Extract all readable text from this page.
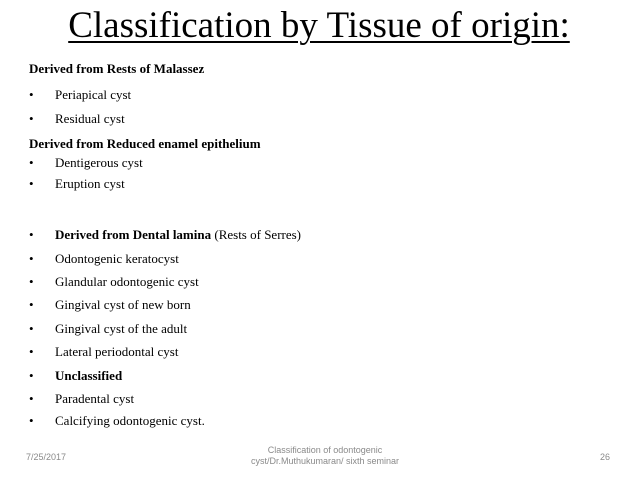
Classification by Tissue of origin:
Derived from Rests of Malassez
• Periapical cyst
• Residual cyst
Derived from Reduced enamel epithelium
• Dentigerous cyst
• Eruption cyst
• Derived from Dental lamina (Rests of Serres)
• Odontogenic keratocyst
• Glandular odontogenic cyst
• Gingival cyst of new born
• Gingival cyst of the adult
• Lateral periodontal cyst
• Unclassified
• Paradental cyst
• Calcifying odontogenic cyst.
7/25/2017
Classification of odontogenic
cyst/Dr.Muthukumaran/ sixth seminar	26
